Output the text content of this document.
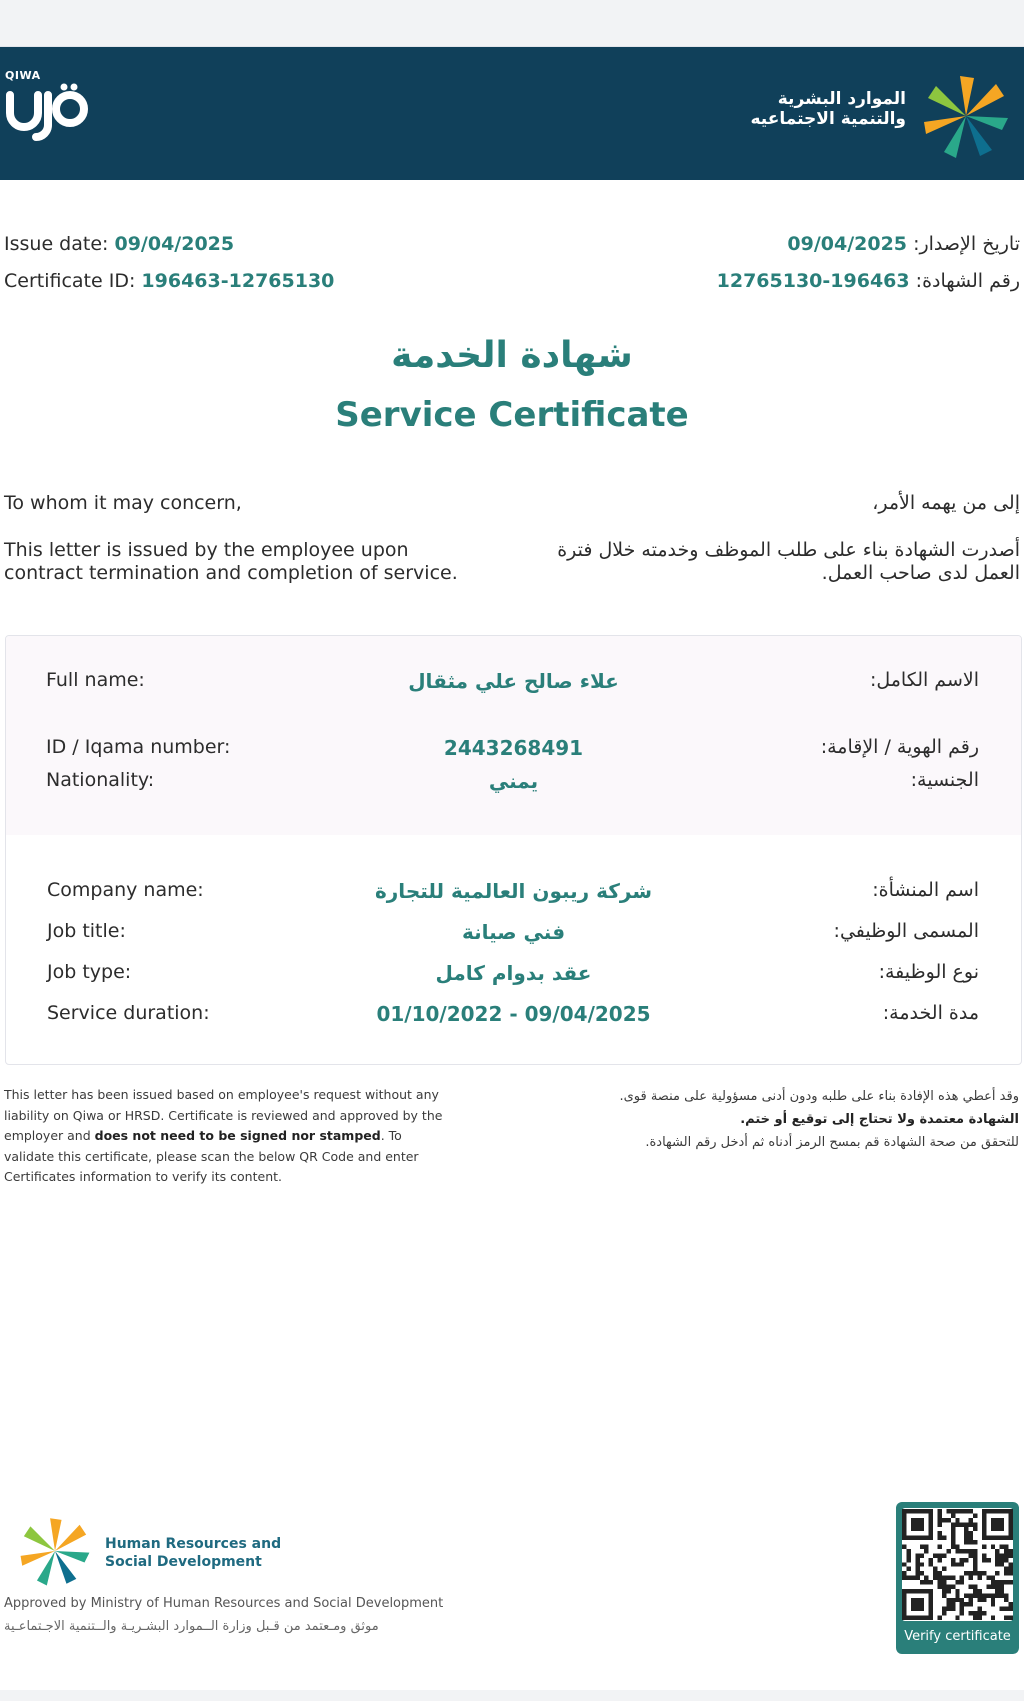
QIWA
الموارد البشرية
والتنمية الاجتماعيه
Issue date: 09/04/2025
Certificate ID: 196463-12765130
تاريخ الإصدار: 09/04/2025
رقم الشهادة: 196463-12765130
شهادة الخدمة
Service Certificate
To whom it may concern,
This letter is issued by the employee upon contract termination and completion of service.
إلى من يهمه الأمر،
أصدرت الشهادة بناء على طلب الموظف وخدمته خلال فترة العمل لدى صاحب العمل.
Full name:	علاء صالح علي مثقال	الاسم الكامل:
ID / Iqama number:	2443268491	رقم الهوية / الإقامة:
Nationality:	يمني	الجنسية:
Company name:	شركة ريبون العالمية للتجارة	اسم المنشأة:
Job title:	فني صيانة	المسمى الوظيفي:
Job type:	عقد بدوام كامل	نوع الوظيفة:
Service duration:	01/10/2022 - 09/04/2025	مدة الخدمة:
This letter has been issued based on employee's request without any liability on Qiwa or HRSD. Certificate is reviewed and approved by the employer and does not need to be signed nor stamped. To validate this certificate, please scan the below QR Code and enter Certificates information to verify its content.
وقد أعطي هذه الإفادة بناء على طلبه ودون أدنى مسؤولية على منصة قوى.
الشهادة معتمدة ولا تحتاج إلى توقيع أو ختم.
للتحقق من صحة الشهادة قم بمسح الرمز أدناه ثم أدخل رقم الشهادة.
Human Resources and
Social Development
Approved by Ministry of Human Resources and Social Development
موثق ومـعتمد من قـبل وزارة الــموارد البشـريـة والــتنمية الاجـتماعـية
Verify certificate
